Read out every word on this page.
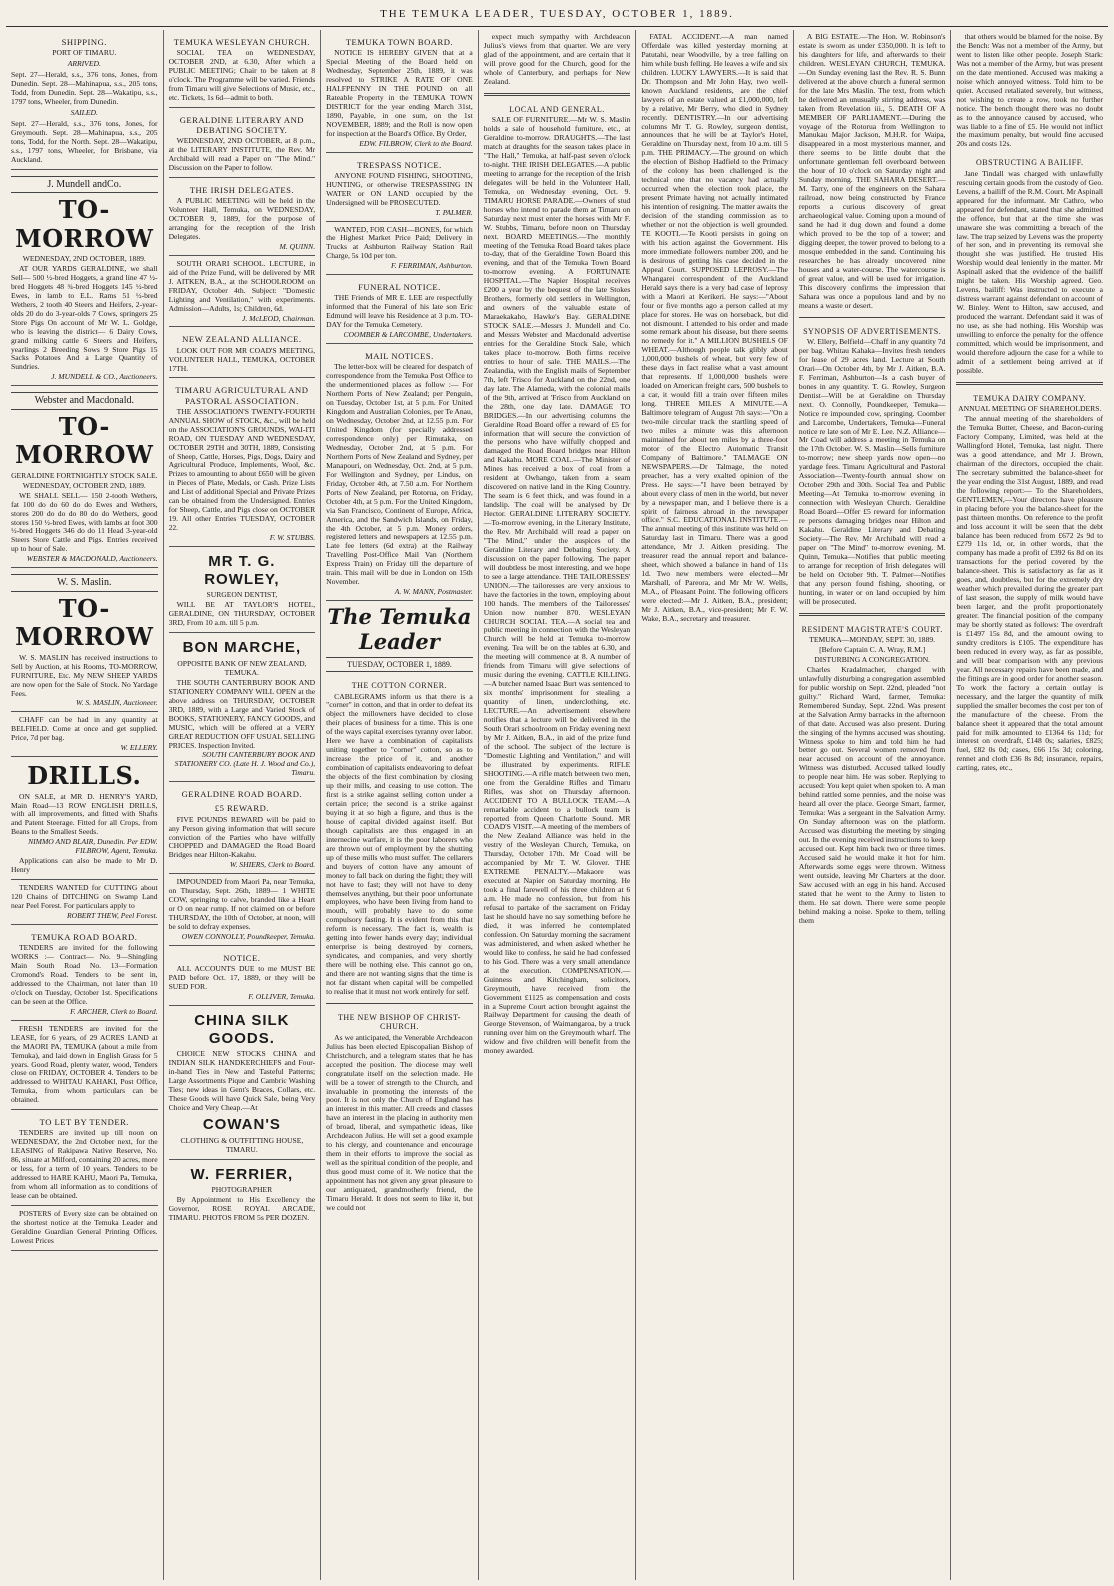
THE TEMUKA LEADER, TUESDAY, OCTOBER 1, 1889.
SHIPPING.
PORT OF TIMARU.
ARRIVED.

Sept. 27—Herald, s.s., 376 tons, Jones, from Dunedin. Sept. 28—Mahinapua, s.s., 205 tons, Todd, from Dunedin. Sept. 28—Wakatipu, s.s., 1797 tons, Wheeler, from Dunedin.

SAILED.

Sept. 27—Herald, s.s., 376 tons, Jones, for Greymouth. Sept. 28—Mahinapua, s.s., 205 tons, Todd, for the North. Sept. 28—Wakatipu, s.s., 1797 tons, Wheeler, for Brisbane, via Auckland.

J. Mundell andCo.
TO-MORROW
WEDNESDAY, 2ND OCTOBER, 1889.

AT OUR YARDS GERALDINE, we shall Sell— 500 ½-bred Hoggets, a grand line 47 ½-bred Hoggets 48 ¾-bred Hoggets 145 ½-bred Ewes, in lamb to E.L. Rams 51 ½-bred Wethers, 2 tooth 40 Steers and Heifers, 2-year-olds 20 do do 3-year-olds 7 Cows, springers 25 Store Pigs On account of Mr W. L. Goldge, who is leaving the district— 6 Dairy Cows, grand milking cattle 6 Steers and Heifers, yearlings 2 Breeding Sows 9 Store Pigs 15 Sacks Potatoes And a Large Quantity of Sundries.

J. MUNDELL & CO., Auctioneers.
Webster and Macdonald.
TO-MORROW
GERALDINE FORTNIGHTLY STOCK SALE.
WEDNESDAY, OCTOBER 2ND, 1889.

WE SHALL SELL— 150 2-tooth Wethers, fat 100 do do 60 do do Ewes and Wethers, stores 200 do do do 80 do do Wethers, good stores 150 ½-bred Ewes, with lambs at foot 300 ½-bred Hoggets 346 do do 11 Head 3-year-old Steers Store Cattle and Pigs. Entries received up to hour of Sale.

WEBSTER & MACDONALD, Auctioneers.
W. S. Maslin.
TO-MORROW

W. S. MASLIN has received instructions to Sell by Auction, at his Rooms, TO-MORROW, FURNITURE, Etc. My NEW SHEEP YARDS are now open for the Sale of Stock. No Yardage Fees.

W. S. MASLIN, Auctioneer.

CHAFF can be had in any quantity at BELFIELD. Come at once and get supplied. Price, 7d per bag.

W. ELLERY.
DRILLS.

ON SALE, at MR D. HENRY'S YARD, Main Road—13 ROW ENGLISH DRILLS, with all improvements, and fitted with Shafts and Patent Steerage. Fitted for all Crops, from Beans to the Smallest Seeds.

NIMMO AND BLAIR, Dunedin. Per EDW. FILBROW, Agent, Temuka.

Applications can also be made to Mr D. Henry

TENDERS WANTED for CUTTING about 120 Chains of DITCHING on Swamp Land near Peel Forest. For particulars apply to

ROBERT THEW, Peel Forest.
TEMUKA ROAD BOARD.

TENDERS are invited for the following WORKS :— Contract— No. 9—Shingling Main South Road No. 13—Formation Cromond's Road. Tenders to be sent in, addressed to the Chairman, not later than 10 o'clock on Tuesday, October 1st. Specifications can be seen at the Office.

F. ARCHER, Clerk to Board.

FRESH TENDERS are invited for the LEASE, for 6 years, of 29 ACRES LAND at the MAORI PA, TEMUKA (about a mile from Temuka), and laid down in English Grass for 5 years. Good Road, plenty water, wood, Tenders close on FRIDAY, OCTOBER 4. Tenders to be addressed to WHITAU KAHAKI, Post Office, Temuka, from whom particulars can be obtained.

TO LET BY TENDER.

TENDERS are invited up till noon on WEDNESDAY, the 2nd October next, for the LEASING of Rakipawa Native Reserve, No. 86, situate at Milford, containing 20 acres, more or less, for a term of 10 years. Tenders to be addressed to HARE KAHU, Maori Pa, Temuka, from whom all information as to conditions of lease can be obtained.

POSTERS of Every size can be obtained on the shortest notice at the Temuka Leader and Geraldine Guardian General Printing Offices. Lowest Prices

TEMUKA WESLEYAN CHURCH.

SOCIAL TEA on WEDNESDAY, OCTOBER 2ND, at 6.30, After which a PUBLIC MEETING; Chair to be taken at 8 o'clock. The Programme will be varied. Friends from Timaru will give Selections of Music, etc., etc. Tickets, 1s 6d—admit to both.

GERALDINE LITERARY AND DEBATING SOCIETY.

WEDNESDAY, 2ND OCTOBER, at 8 p.m., at the LITERARY INSTITUTE, the Rev. Mr Archibald will read a Paper on "The Mind." Discussion on the Paper to follow.

THE IRISH DELEGATES.

A PUBLIC MEETING will be held in the Volunteer Hall, Temuka, on WEDNESDAY, OCTOBER 9, 1889, for the purpose of arranging for the reception of the Irish Delegates.

M. QUINN.

SOUTH ORARI SCHOOL. LECTURE, in aid of the Prize Fund, will be delivered by MR J. AITKEN, B.A., at the SCHOOLROOM on FRIDAY, October 4th. Subject: "Domestic Lighting and Ventilation," with experiments. Admission—Adults, 1s; Children, 6d.

J. McLEOD, Chairman.
NEW ZEALAND ALLIANCE.

LOOK OUT FOR MR COAD'S MEETING, VOLUNTEER HALL, TEMUKA, OCTOBER 17TH.

TIMARU AGRICULTURAL AND PASTORAL ASSOCIATION.

THE ASSOCIATION'S TWENTY-FOURTH ANNUAL SHOW of STOCK, &c., will be held on the ASSOCIATION'S GROUNDS, WAI-ITI ROAD, ON TUESDAY AND WEDNESDAY, OCTOBER 29TH and 30TH, 1889, Consisting of Sheep, Cattle, Horses, Pigs, Dogs, Dairy and Agricultural Produce, Implements, Wool, &c. Prizes to amounting to about £650 will be given in Pieces of Plate, Medals, or Cash. Prize Lists and List of additional Special and Private Prizes can be obtained from the Undersigned. Entries for Sheep, Cattle, and Pigs close on OCTOBER 19. All other Entries TUESDAY, OCTOBER 22.

F. W. STUBBS.
MR T. G. ROWLEY,
SURGEON DENTIST,

WILL BE AT TAYLOR'S HOTEL, GERALDINE, ON THURSDAY, OCTOBER 3RD, From 10 a.m. till 5 p.m.

BON MARCHE,
OPPOSITE BANK OF NEW ZEALAND, TEMUKA.

THE SOUTH CANTERBURY BOOK AND STATIONERY COMPANY WILL OPEN at the above address on THURSDAY, OCTOBER 3RD, 1889, with a Large and Varied Stock of BOOKS, STATIONERY, FANCY GOODS, and MUSIC, which will be offered at a VERY GREAT REDUCTION OFF USUAL SELLING PRICES. Inspection Invited.

SOUTH CANTERBURY BOOK AND STATIONERY CO. (Late H. J. Wood and Co.), Timaru.
GERALDINE ROAD BOARD.
£5 REWARD.

FIVE POUNDS REWARD will be paid to any Person giving information that will secure conviction of the Parties who have wilfully CHOPPED and DAMAGED the Road Board Bridges near Hilton-Kakahu.

W. SHIERS, Clerk to Board.

IMPOUNDED from Maori Pa, near Temuka, on Thursday, Sept. 26th, 1889— 1 WHITE COW, springing to calve, branded like a Heart or O on near rump. If not claimed on or before THURSDAY, the 10th of October, at noon, will be sold to defray expenses.

OWEN CONNOLLY, Poundkeeper, Temuka.
NOTICE.

ALL ACCOUNTS DUE to me MUST BE PAID before Oct. 17, 1889, or they will be SUED FOR.

F. OLLIVER, Temuka.
CHINA SILK GOODS.

CHOICE NEW STOCKS CHINA and INDIAN SILK HANDKERCHIEFS and Four-in-hand Ties in New and Tasteful Patterns; Large Assortments Pique and Cambric Washing Ties; new ideas in Gent's Braces, Collars, etc. These Goods will have Quick Sale, being Very Choice and Very Cheap.—At

COWAN'S
CLOTHING & OUTFITTING HOUSE, TIMARU.
W. FERRIER,
PHOTOGRAPHER

By Appointment to His Excellency the Governor, ROSE ROYAL ARCADE, TIMARU. PHOTOS FROM 5s PER DOZEN.

TEMUKA TOWN BOARD.

NOTICE IS HEREBY GIVEN that at a Special Meeting of the Board held on Wednesday, September 25th, 1889, it was resolved to STRIKE A RATE OF ONE HALFPENNY IN THE POUND on all Rateable Property in the TEMUKA TOWN DISTRICT for the year ending March 31st, 1890, Payable, in one sum, on the 1st NOVEMBER, 1889; and the Roll is now open for inspection at the Board's Office. By Order,

EDW. FILBROW, Clerk to the Board.
TRESPASS NOTICE.

ANYONE FOUND FISHING, SHOOTING, HUNTING, or otherwise TRESPASSING IN WATER or ON LAND occupied by the Undersigned will be PROSECUTED.

T. PALMER.

WANTED, FOR CASH—BONES, for which the Highest Market Price Paid; Delivery in Trucks at Ashburton Railway Station Rail Charge, 5s 10d per ton.

F. FERRIMAN, Ashburton.
FUNERAL NOTICE.

THE Friends of MR E. LEE are respectfully informed that the Funeral of his late son Eric Edmund will leave his Residence at 3 p.m. TO-DAY for the Temuka Cemetery.

COOMBER & LARCOMBE, Undertakers.
MAIL NOTICES.

The letter-box will be cleared for despatch of correspondence from the Temuka Post Office to the undermentioned places as follow :— For Northern Ports of New Zealand; per Penguin, on Tuesday, October 1st, at 5 p.m. For United Kingdom and Australian Colonies, per Te Anau, on Wednesday, October 2nd, at 12.55 p.m. For United Kingdom (for specially addressed correspondence only) per Rimutaka, on Wednesday, October 2nd, at 5 p.m. For Northern Ports of New Zealand and Sydney, per Manapouri, on Wednesday, Oct. 2nd, at 5 p.m. For Wellington and Sydney, per Lindus, on Friday, October 4th, at 7.50 a.m. For Northern Ports of New Zealand, per Rotorua, on Friday, October 4th, at 5 p.m. For the United Kingdom, via San Francisco, Continent of Europe, Africa, America, and the Sandwich Islands, on Friday, the 4th October, at 5 p.m. Money orders, registered letters and newspapers at 12.55 p.m. Late fee letters (6d extra) at the Railway Travelling Post-Office Mail Van (Northern Express Train) on Friday till the departure of train. This mail will be due in London on 15th November.

A. W. MANN, Postmaster.
The Temuka Leader
TUESDAY, OCTOBER 1, 1889.
THE COTTON CORNER.

CABLEGRAMS inform us that there is a "corner" in cotton, and that in order to defeat its object the millowners have decided to close their places of business for a time. This is one of the ways capital exercises tyranny over labor. Here we have a combination of capitalists uniting together to "corner" cotton, so as to increase the price of it, and another combination of capitalists endeavoring to defeat the objects of the first combination by closing up their mills, and ceasing to use cotton. The first is a strike against selling cotton under a certain price; the second is a strike against buying it at so high a figure, and thus is the house of capital divided against itself. But though capitalists are thus engaged in an internecine warfare, it is the poor laborers who are thrown out of employment by the shutting up of these mills who must suffer. The cellarers and buyers of cotton have any amount of money to fall back on during the fight; they will not have to fast; they will not have to deny themselves anything, but their poor unfortunate employees, who have been living from hand to mouth, will probably have to do some compulsory fasting. It is evident from this that reform is necessary. The fact is, wealth is getting into fewer hands every day; individual enterprise is being destroyed by corners, syndicates, and companies, and very shortly there will be nothing else. This cannot go on, and there are not wanting signs that the time is not far distant when capital will be compelled to realise that it must not work entirely for self.

THE NEW BISHOP OF CHRIST-CHURCH.

As we anticipated, the Venerable Archdeacon Julius has been elected Episcopalian Bishop of Christchurch, and a telegram states that he has accepted the position. The diocese may well congratulate itself on the selection made. He will be a tower of strength to the Church, and invaluable in promoting the interests of the poor. It is not only the Church of England has an interest in this matter. All creeds and classes have an interest in the placing in authority men of broad, liberal, and sympathetic ideas, like Archdeacon Julius. He will set a good example to his clergy, and countenance and encourage them in their efforts to improve the social as well as the spiritual condition of the people, and thus good must come of it. We notice that the appointment has not given any great pleasure to our antiquated, grandmotherly friend, the Timaru Herald. It does not seem to like it, but we could not

expect much sympathy with Archdeacon Julius's views from that quarter. We are very glad of the appointment, and are certain that it will prove good for the Church, good for the whole of Canterbury, and perhaps for New Zealand.

LOCAL AND GENERAL.

SALE OF FURNITURE.—Mr W. S. Maslin holds a sale of household furniture, etc., at Geraldine to-morrow. DRAUGHTS.—The last match at draughts for the season takes place in "The Hall," Temuka, at half-past seven o'clock to-night. THE IRISH DELEGATES.—A public meeting to arrange for the reception of the Irish delegates will be held in the Volunteer Hall, Temuka, on Wednesday evening, Oct. 9. TIMARU HORSE PARADE.—Owners of stud horses who intend to parade them at Timaru on Saturday next must enter the horses with Mr F. W. Stubbs, Timaru, before noon on Thursday next. BOARD MEETINGS.—The monthly meeting of the Temuka Road Board takes place to-day, that of the Geraldine Town Board this evening, and that of the Temuka Town Board to-morrow evening. A FORTUNATE HOSPITAL.—The Napier Hospital receives £200 a year by the bequest of the late Stokes Brothers, formerly old settlers in Wellington, and owners of the valuable estate of Maraekakaho, Hawke's Bay. GERALDINE STOCK SALE.—Messrs J. Mundell and Co. and Messrs Webster and Macdonald advertise entries for the Geraldine Stock Sale, which takes place to-morrow. Both firms receive entries to hour of sale. THE MAILS.—The Zealandia, with the English mails of September 7th, left 'Frisco for Auckland on the 22nd, one day late. The Alameda, with the colonial mails of the 9th, arrived at 'Frisco from Auckland on the 28th, one day late. DAMAGE TO BRIDGES.—In our advertising columns the Geraldine Road Board offer a reward of £5 for information that will secure the conviction of the persons who have wilfully chopped and damaged the Road Board bridges near Hilton and Kakahu. MORE COAL.—The Minister of Mines has received a box of coal from a resident at Owhango, taken from a seam discovered on native land in the King Country. The seam is 6 feet thick, and was found in a landslip. The coal will be analysed by Dr Hector. GERALDINE LITERARY SOCIETY.—To-morrow evening, in the Literary Institute, the Rev. Mr Archibald will read a paper on "The Mind," under the auspices of the Geraldine Literary and Debating Society. A discussion on the paper following. The paper will doubtless be most interesting, and we hope to see a large attendance. THE TAILORESSES' UNION.—The tailoresses are very anxious to have the factories in the town, employing about 100 hands. The members of the Tailoresses' Union now number 870. WESLEYAN CHURCH SOCIAL TEA.—A social tea and public meeting in connection with the Wesleyan Church will be held at Temuka to-morrow evening. Tea will be on the tables at 6.30, and the meeting will commence at 8. A number of friends from Timaru will give selections of music during the evening. CATTLE KILLING.—A butcher named Isaac Burt was sentenced to six months' imprisonment for stealing a quantity of linen, underclothing, etc. LECTURE.—An advertisement elsewhere notifies that a lecture will be delivered in the South Orari schoolroom on Friday evening next by Mr J. Aitken, B.A., in aid of the prize fund of the school. The subject of the lecture is "Domestic Lighting and Ventilation," and will be illustrated by experiments. RIFLE SHOOTING.—A rifle match between two men, one from the Geraldine Rifles and Timaru Rifles, was shot on Thursday afternoon. ACCIDENT TO A BULLOCK TEAM.—A remarkable accident to a bullock team is reported from Queen Charlotte Sound. MR COAD'S VISIT.—A meeting of the members of the New Zealand Alliance was held in the vestry of the Wesleyan Church, Temuka, on Thursday, October 17th. Mr Coad will be accompanied by Mr T. W. Glover. THE EXTREME PENALTY.—Makaore was executed at Napier on Saturday morning. He took a final farewell of his three children at 6 a.m. He made no confession, but from his refusal to partake of the sacrament on Friday last he should have no say something before he died, it was inferred he contemplated confession. On Saturday morning the sacrament was administered, and when asked whether he would like to confess, he said he had confessed to his God. There was a very small attendance at the execution. COMPENSATION.—Guinness and Kitchingham, solicitors, Greymouth, have received from the Government £1125 as compensation and costs in a Supreme Court action brought against the Railway Department for causing the death of George Stevenson, of Waimangaroa, by a truck running over him on the Greymouth wharf. The widow and five children will benefit from the money awarded.

FATAL ACCIDENT.—A man named Offerdale was killed yesterday morning at Patutahi, near Woodville, by a tree falling on him while bush felling. He leaves a wife and six children. LUCKY LAWYERS.—It is said that Dr. Thompson and Mr John Hay, two well-known Auckland residents, are the chief lawyers of an estate valued at £1,000,000, left by a relative, Mr Berry, who died in Sydney recently. DENTISTRY.—In our advertising columns Mr T. G. Rowley, surgeon dentist, announces that he will be at Taylor's Hotel, Geraldine on Thursday next, from 10 a.m. till 5 p.m. THE PRIMACY.—The ground on which the election of Bishop Hadfield to the Primacy of the colony has been challenged is the technical one that no vacancy had actually occurred when the election took place, the present Primate having not actually intimated his intention of resigning. The matter awaits the decision of the standing commission as to whether or not the objection is well grounded. TE KOOTI.—Te Kooti persists in going on with his action against the Government. His more immediate followers number 200, and he is desirous of getting his case decided in the Appeal Court. SUPPOSED LEPROSY.—The Whangarei correspondent of the Auckland Herald says there is a very bad case of leprosy with a Maori at Kerikeri. He says:—"About four or five months ago a person called at my place for stores. He was on horseback, but did not dismount. I attended to his order and made some remark about his disease, but there seems no remedy for it." A MILLION BUSHELS OF WHEAT.—Although people talk glibly about 1,000,000 bushels of wheat, but very few of these days in fact realise what a vast amount that represents. If 1,000,000 bushels were loaded on American freight cars, 500 bushels to a car, it would fill a train over fifteen miles long. THREE MILES A MINUTE.—A Baltimore telegram of August 7th says:—"On a two-mile circular track the startling speed of two miles a minute was this afternoon maintained for about ten miles by a three-foot motor of the Electro Automatic Transit Company of Baltimore." TALMAGE ON NEWSPAPERS.—Dr Talmage, the noted preacher, has a very exalted opinion of the Press. He says:—"I have been betrayed by about every class of men in the world, but never by a newspaper man, and I believe there is a spirit of fairness abroad in the newspaper office." S.C. EDUCATIONAL INSTITUTE.—The annual meeting of this institute was held on Saturday last in Timaru. There was a good attendance, Mr J. Aitken presiding. The treasurer read the annual report and balance-sheet, which showed a balance in hand of 11s 1d. Two new members were elected—Mr Marshall, of Pareora, and Mr Mr W. Wells, M.A., of Pleasant Point. The following officers were elected:—Mr J. Aitken, B.A., president; Mr J. Aitken, B.A., vice-president; Mr F. W. Wake, B.A., secretary and treasurer.

A BIG ESTATE.—The Hon. W. Robinson's estate is sworn as under £350,000. It is left to his daughters for life, and afterwards to their children. WESLEYAN CHURCH, TEMUKA.—On Sunday evening last the Rev. R. S. Bunn delivered at the above church a funeral sermon for the late Mrs Maslin. The text, from which he delivered an unusually stirring address, was taken from Revelation iii., 5. DEATH OF A MEMBER OF PARLIAMENT.—During the voyage of the Rotorua from Wellington to Manukau Major Jackson, M.H.R. for Waipa, disappeared in a most mysterious manner, and there seems to be little doubt that the unfortunate gentleman fell overboard between the hour of 10 o'clock on Saturday night and Sunday morning. THE SAHARA DESERT.—M. Tarry, one of the engineers on the Sahara railroad, now being constructed by France reports a curious discovery of great archaeological value. Coming upon a mound of sand he had it dug down and found a dome which proved to be the top of a tower; and digging deeper, the tower proved to belong to a mosque embedded in the sand. Continuing his researches he has already uncovered nine houses and a water-course. The watercourse is of great value, and will be used for irrigation. This discovery confirms the impression that Sahara was once a populous land and by no means a waste or desert.

SYNOPSIS OF ADVERTISEMENTS.

W. Ellery, Belfield—Chaff in any quantity 7d per bag. Whitau Kahaka—Invites fresh tenders for lease of 29 acres land. Lecture at South Orari—On October 4th, by Mr J. Aitken, B.A. F. Ferriman, Ashburton—Is a cash buyer of bones in any quantity. T. G. Rowley, Surgeon Dentist—Will be at Geraldine on Thursday next. O. Connolly, Poundkeeper, Temuka—Notice re impounded cow, springing. Coomber and Larcombe, Undertakers, Temuka—Funeral notice re late son of Mr E. Lee. N.Z. Alliance—Mr Coad will address a meeting in Temuka on the 17th October. W. S. Maslin—Sells furniture to-morrow; new sheep yards now open—no yardage fees. Timaru Agricultural and Pastoral Association—Twenty-fourth annual show on October 29th and 30th. Social Tea and Public Meeting—At Temuka to-morrow evening in connection with Wesleyan Church. Geraldine Road Board—Offer £5 reward for information re persons damaging bridges near Hilton and Kakahu. Geraldine Literary and Debating Society—The Rev. Mr Archibald will read a paper on "The Mind" to-morrow evening. M. Quinn, Temuka—Notifies that public meeting to arrange for reception of Irish delegates will be held on October 9th. T. Palmer—Notifies that any person found fishing, shooting, or hunting, in water or on land occupied by him will be prosecuted.

RESIDENT MAGISTRATE'S COURT.
TEMUKA—MONDAY, SEPT. 30, 1889.
[Before Captain C. A. Wray, R.M.]
DISTURBING A CONGREGATION.

Charles Kradalmacher, charged with unlawfully disturbing a congregation assembled for public worship on Sept. 22nd, pleaded "not guilty." Richard Ward, farmer, Temuka: Remembered Sunday, Sept. 22nd. Was present at the Salvation Army barracks in the afternoon of that date. Accused was also present. During the singing of the hymns accused was shouting. Witness spoke to him and told him he had better go out. Several women removed from near accused on account of the annoyance. Witness was disturbed. Accused talked loudly to people near him. He was sober. Replying to accused: You kept quiet when spoken to. A man behind rattled some pennies, and the noise was heard all over the place. George Smart, farmer, Temuka: Was a sergeant in the Salvation Army. On Sunday afternoon was on the platform. Accused was disturbing the meeting by singing out. In the evening received instructions to keep accused out. Kept him back two or three times. Accused said he would make it hot for him. Afterwards some eggs were thrown. Witness went outside, leaving Mr Charters at the door. Saw accused with an egg in his hand. Accused stated that he went to the Army to listen to them. He sat down. There were some people behind making a noise. Spoke to them, telling them

that others would be blamed for the noise. By the Bench: Was not a member of the Army, but went to listen like other people. Joseph Stark: Was not a member of the Army, but was present on the date mentioned. Accused was making a noise which annoyed witness. Told him to be quiet. Accused retaliated severely, but witness, not wishing to create a row, took no further notice. The bench thought there was no doubt as to the annoyance caused by accused, who was liable to a fine of £5. He would not inflict the maximum penalty, but would fine accused 20s and costs 12s.

OBSTRUCTING A BAILIFF.

Jane Tindall was charged with unlawfully rescuing certain goods from the custody of Geo. Levens, a bailiff of the R.M. Court. Mr Aspinall appeared for the informant. Mr Cathro, who appeared for defendant, stated that she admitted the offence, but that at the time she was unaware she was committing a breach of the law. The trap seized by Levens was the property of her son, and in preventing its removal she thought she was justified. He trusted His Worship would deal leniently in the matter. Mr Aspinall asked that the evidence of the bailiff might be taken. His Worship agreed. Geo. Levens, bailiff: Was instructed to execute a distress warrant against defendant on account of W. Binley. Went to Hilton, saw accused, and produced the warrant. Defendant said it was of no use, as she had nothing. His Worship was unwilling to enforce the penalty for the offence committed, which would be imprisonment, and would therefore adjourn the case for a while to admit of a settlement being arrived at if possible.

TEMUKA DAIRY COMPANY.
ANNUAL MEETING OF SHAREHOLDERS.

The annual meeting of the shareholders of the Temuka Butter, Cheese, and Bacon-curing Factory Company, Limited, was held at the Wallingford Hotel, Temuka, last night. There was a good attendance, and Mr J. Brown, chairman of the directors, occupied the chair. The secretary submitted the balance-sheet for the year ending the 31st August, 1889, and read the following report:— To the Shareholders, GENTLEMEN,—Your directors have pleasure in placing before you the balance-sheet for the past thirteen months. On reference to the profit and loss account it will be seen that the debt balance has been reduced from £672 2s 9d to £279 11s 1d, or, in other words, that the company has made a profit of £392 6s 8d on its transactions for the period covered by the balance-sheet. This is satisfactory as far as it goes, and, doubtless, but for the extremely dry weather which prevailed during the greater part of last season, the supply of milk would have been larger, and the profit proportionately greater. The financial position of the company may be shortly stated as follows: The overdraft is £1497 15s 8d, and the amount owing to sundry creditors is £105. The expenditure has been reduced in every way, as far as possible, and will bear comparison with any previous year. All necessary repairs have been made, and the fittings are in good order for another season. To work the factory a certain outlay is necessary, and the larger the quantity of milk supplied the smaller becomes the cost per ton of the manufacture of the cheese. From the balance sheet it appeared that the total amount paid for milk amounted to £1364 6s 11d; for interest on overdraft, £148 0s; salaries, £825; fuel, £82 0s 0d; cases, £66 15s 3d; coloring, rennet and cloth £36 8s 8d; insurance, repairs, carting, rates, etc.,
